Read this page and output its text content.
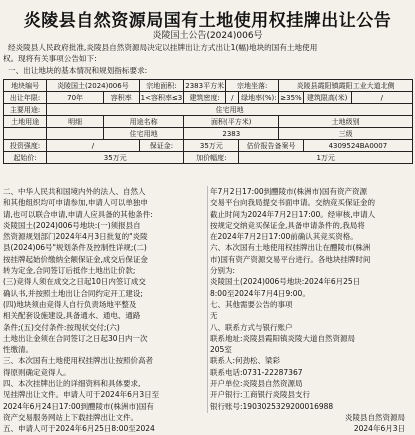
炎陵县自然资源局国有土地使用权挂牌出让公告
炎陵国土公告(2024)006号
经炎陵县人民政府批准,炎陵县自然资源局决定以挂牌出让方式出让1(幅)地块的国有土地使用
权。现将有关事项公告如下:
一、出让地块的基本情况和规划指标要求:
地块编号	炎陵国土(2024)006号		宗地面积:	2383平方米	宗地坐落:		炎陵县霞阳镇霞阳工业大道北侧		
出让年限:	70年	容积率	1<容积率≤3	建筑密度:	/	绿地率(%):	≥35%	建筑限高(米)	/
主要用途:	住宅用地								
土地用途	明细	用途名称		面积(平方米)			土地级别		
		住宅用地		2383			三级		
投资强度:	/		保证金:	35万元		估价报告备案号		4309524BA0007	
起始价:	35万元			加价幅度:		1万元			
二、中华人民共和国境内外的法人、自然人
和其他组织均可申请参加,申请人可以单独申
请,也可以联合申请,申请人应具备的其他条件:
炎陵国土(2024)006号地块:(一)须报县自
然资源规划部门2024年4月3日批复的"炎陵
县(2024)06号"规划条件及控制性详规;(二)
按挂牌起始价缴纳全额保证金,成交后保证金
转为定金,合同签订后抵作土地出让价款;
(三)竞得人须在成交之日起10日内签订成交
确认书,并按照土地出让合同约定开工建设;
(四)地块须由竞得人自行负责场地平整及
相关配套设施建设,具备通水、通电、通路
条件;(五)交付条件:按现状交付;(六)
土地出让金须在合同签订之日起30日内一次
性缴清。
三、本次国有土地使用权挂牌出让按照价高者
得原则确定竞得人。
四、本次挂牌出让的详细资料和具体要求,
见挂牌出让文件。申请人可于2024年6月3日至
2024年6月24日17:00到醴陵市(株洲市)国有
资产交易服务网站上下载挂牌出让文件。
五、申请人可于2024年6月25日8:00至2024
年7月2日17:00到醴陵市(株洲市)国有资产资源
交易平台向我局提交书面申请。交纳竞买保证金的
截止时间为2024年7月2日17:00。经审核,申请人
按规定交纳竞买保证金,具备申请条件的,我局将
在2024年7月2日17:00前确认其竞买资格。
六、本次国有土地使用权挂牌出让在醴陵市(株洲
市)国有资产资源交易平台进行。各地块挂牌时间
分别为:
炎陵国土(2024)006号地块:2024年6月25日
8:00至2024年7月4日9:00。
七、其他需要公告的事项
无
八、联系方式与银行账户
联系地址:炎陵县霞阳镇炎陵大道自然资源局
205室
联系人:何劲松、梁彩
联系电话:0731-22287367
开户单位:炎陵县自然资源局
开户银行:工商银行炎陵县支行
银行账号:1903025329200016988
炎陵县自然资源局
2024年6月3日
